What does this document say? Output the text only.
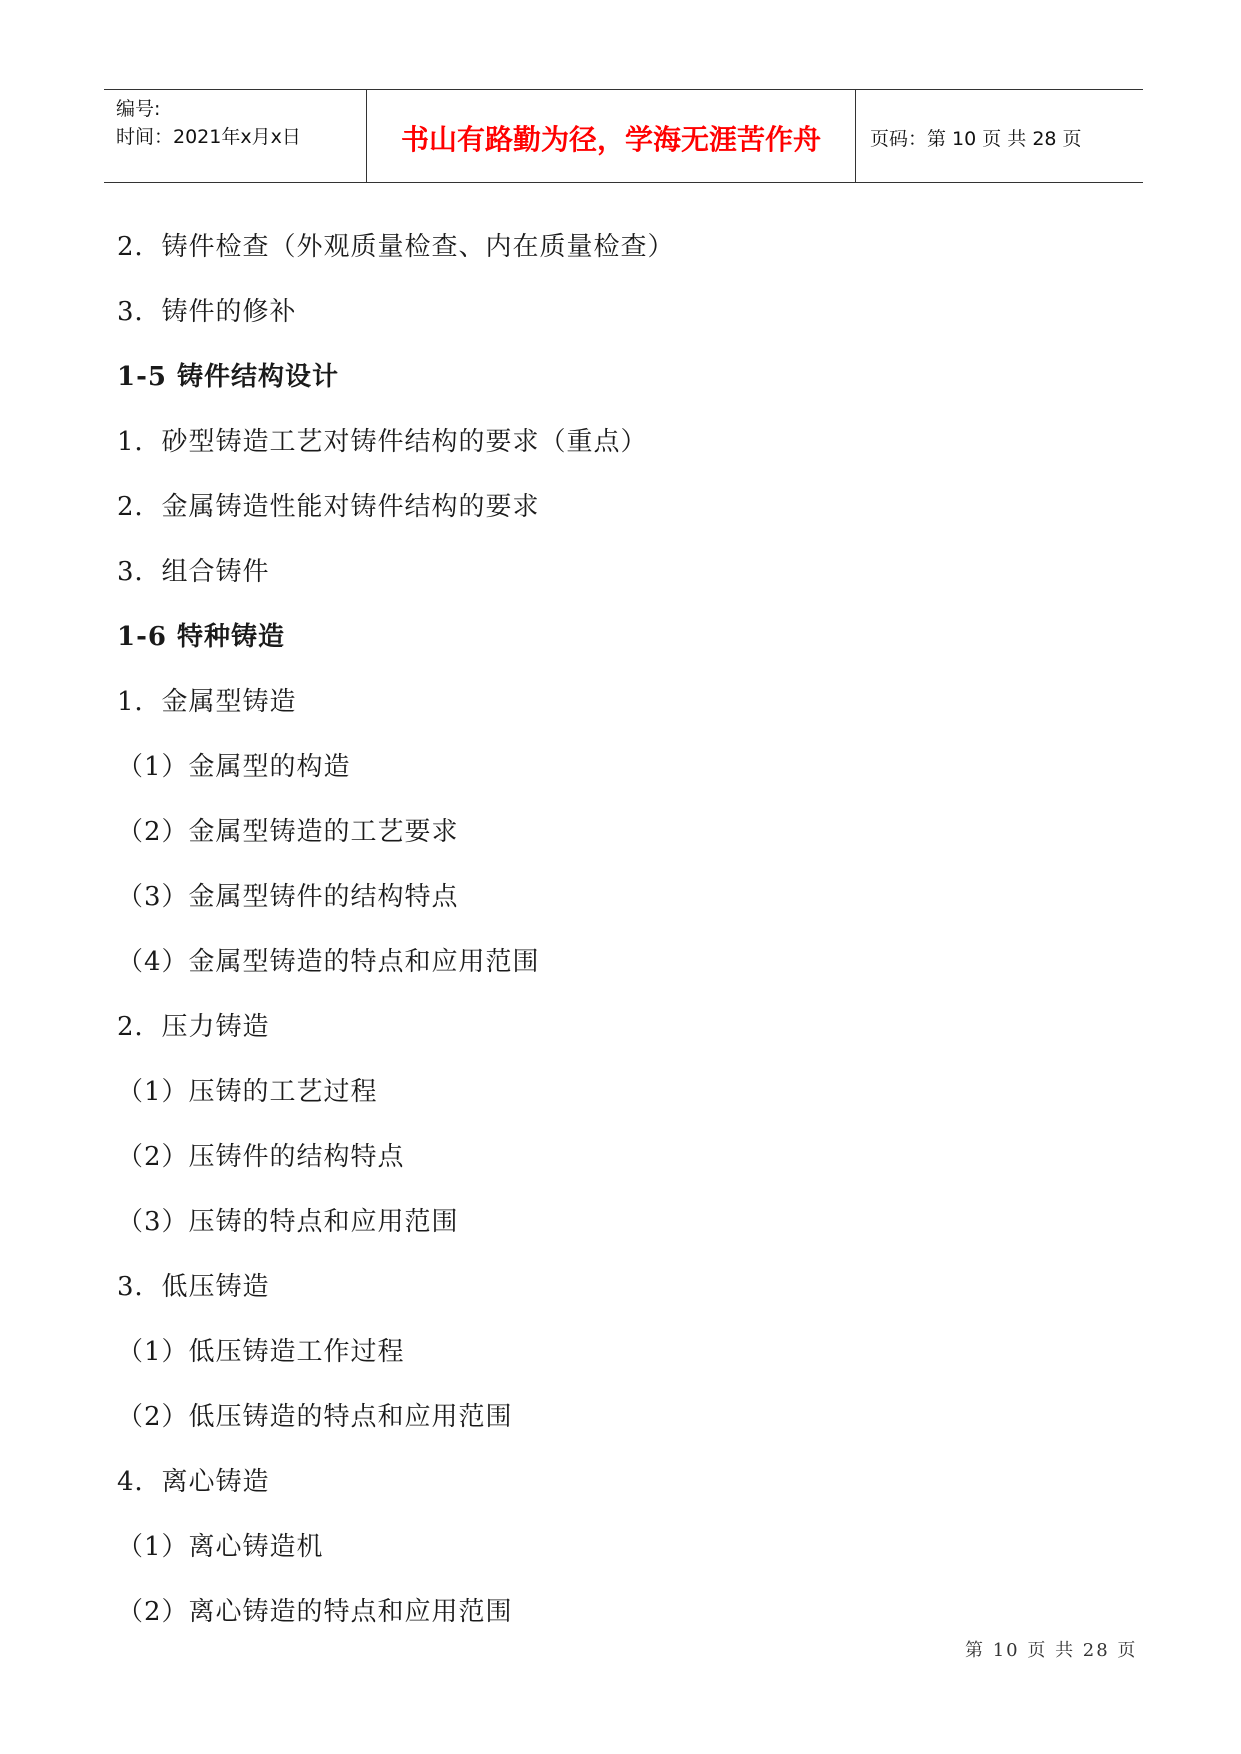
编号:
时间：2021年x月x日	书山有路勤为径，学海无涯苦作舟	页码：第 10 页 共 28 页
2．铸件检查（外观质量检查、内在质量检查）
3．铸件的修补
1-5 铸件结构设计
1．砂型铸造工艺对铸件结构的要求（重点）
2．金属铸造性能对铸件结构的要求
3．组合铸件
1-6 特种铸造
1．金属型铸造
（1）金属型的构造
（2）金属型铸造的工艺要求
（3）金属型铸件的结构特点
（4）金属型铸造的特点和应用范围
2．压力铸造
（1）压铸的工艺过程
（2）压铸件的结构特点
（3）压铸的特点和应用范围
3．低压铸造
（1）低压铸造工作过程
（2）低压铸造的特点和应用范围
4．离心铸造
（1）离心铸造机
（2）离心铸造的特点和应用范围
第 10 页 共 28 页
